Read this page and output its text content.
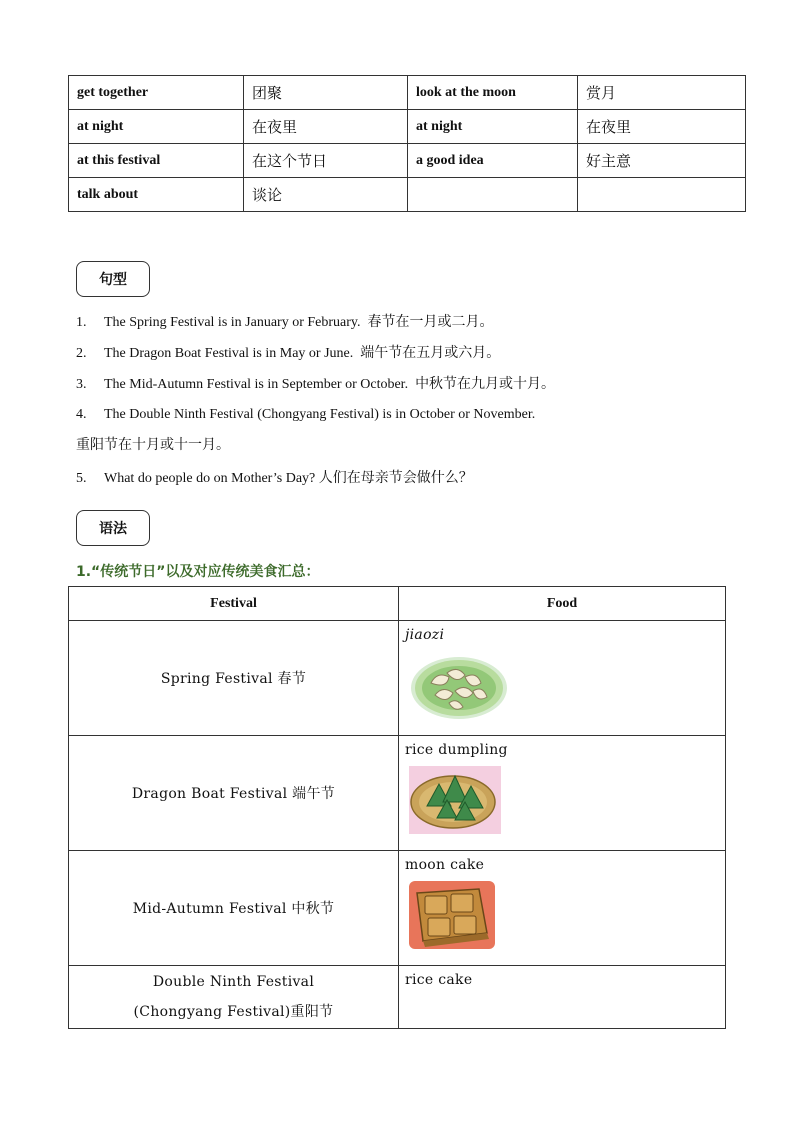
get together	团聚	look at the moon	赏月
at night	在夜里	at night	在夜里
at this festival	在这个节日	a good idea	好主意
talk about	谈论		
句型
1. The Spring Festival is in January or February. 春节在一月或二月。
2. The Dragon Boat Festival is in May or June. 端午节在五月或六月。
3. The Mid-Autumn Festival is in September or October. 中秋节在九月或十月。
4. The Double Ninth Festival (Chongyang Festival) is in October or November.
重阳节在十月或十一月。
5. What do people do on Mother’s Day? 人们在母亲节会做什么？
语法
1.“传统节日”以及对应传统美食汇总：
Festival	Food
Spring Festival 春节	jiaozi

Dragon Boat Festival 端午节	rice dumpling

Mid-Autumn Festival 中秋节	moon cake

Double Ninth Festival
(Chongyang Festival)重阳节	rice cake
